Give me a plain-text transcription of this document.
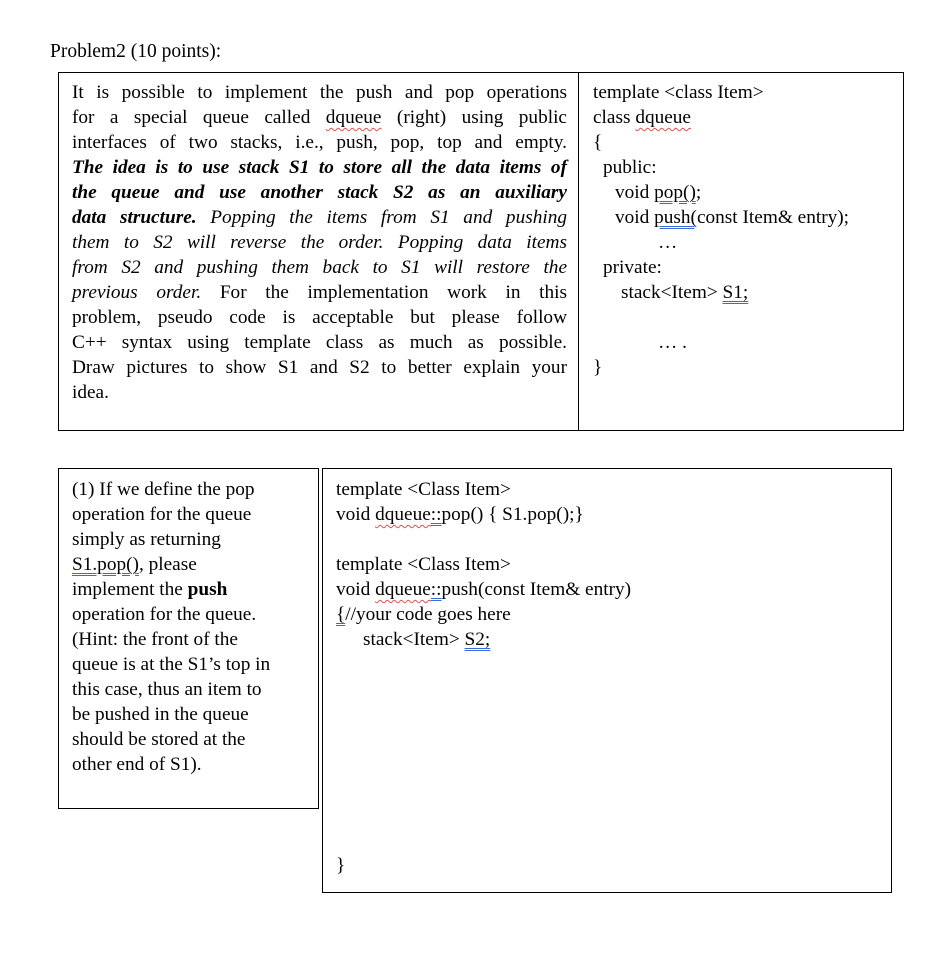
Problem2 (10 points):

It is possible to implement the push and pop operations

for a special queue called dqueue (right) using public

interfaces of two stacks, i.e., push, pop, top and empty.

The idea is to use stack S1 to store all the data items of

the queue and use another stack S2 as an auxiliary

data structure. Popping the items from S1 and pushing

them to S2 will reverse the order. Popping data items

from S2 and pushing them back to S1 will restore the

previous order. For the implementation work in this

problem, pseudo code is acceptable but please follow

C++ syntax using template class as much as possible.

Draw pictures to show S1 and S2 to better explain your

idea.

template <class Item>
class dqueue
{
public:
void pop();
void push(const Item& entry);
…
private:
stack<Item> S1;
… .
}
(1) If we define the pop
operation for the queue
simply as returning
S1.pop(), please
implement the push
operation for the queue.
(Hint: the front of the
queue is at the S1’s top in
this case, thus an item to
be pushed in the queue
should be stored at the
other end of S1).
template <Class Item>
void dqueue::pop() { S1.pop();}
template <Class Item>
void dqueue::push(const Item& entry)
{//your code goes here
stack<Item> S2;
}
